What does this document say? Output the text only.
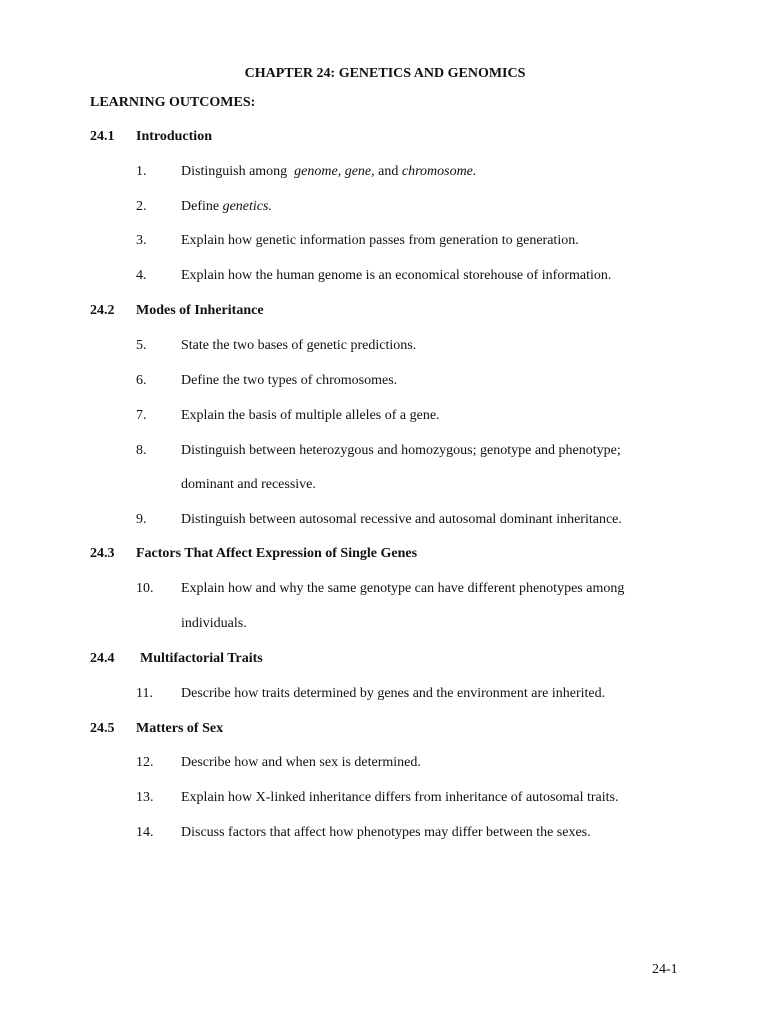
CHAPTER 24: GENETICS AND GENOMICS
LEARNING OUTCOMES:
24.1 Introduction
1. Distinguish among  genome, gene, and chromosome.
2. Define genetics.
3. Explain how genetic information passes from generation to generation.
4. Explain how the human genome is an economical storehouse of information.
24.2 Modes of Inheritance
5. State the two bases of genetic predictions.
6. Define the two types of chromosomes.
7. Explain the basis of multiple alleles of a gene.
8. Distinguish between heterozygous and homozygous; genotype and phenotype;
dominant and recessive.
9. Distinguish between autosomal recessive and autosomal dominant inheritance.
24.3 Factors That Affect Expression of Single Genes
10. Explain how and why the same genotype can have different phenotypes among
individuals.
24.4 Multifactorial Traits
11. Describe how traits determined by genes and the environment are inherited.
24.5 Matters of Sex
12. Describe how and when sex is determined.
13. Explain how X-linked inheritance differs from inheritance of autosomal traits.
14. Discuss factors that affect how phenotypes may differ between the sexes.
24-1
